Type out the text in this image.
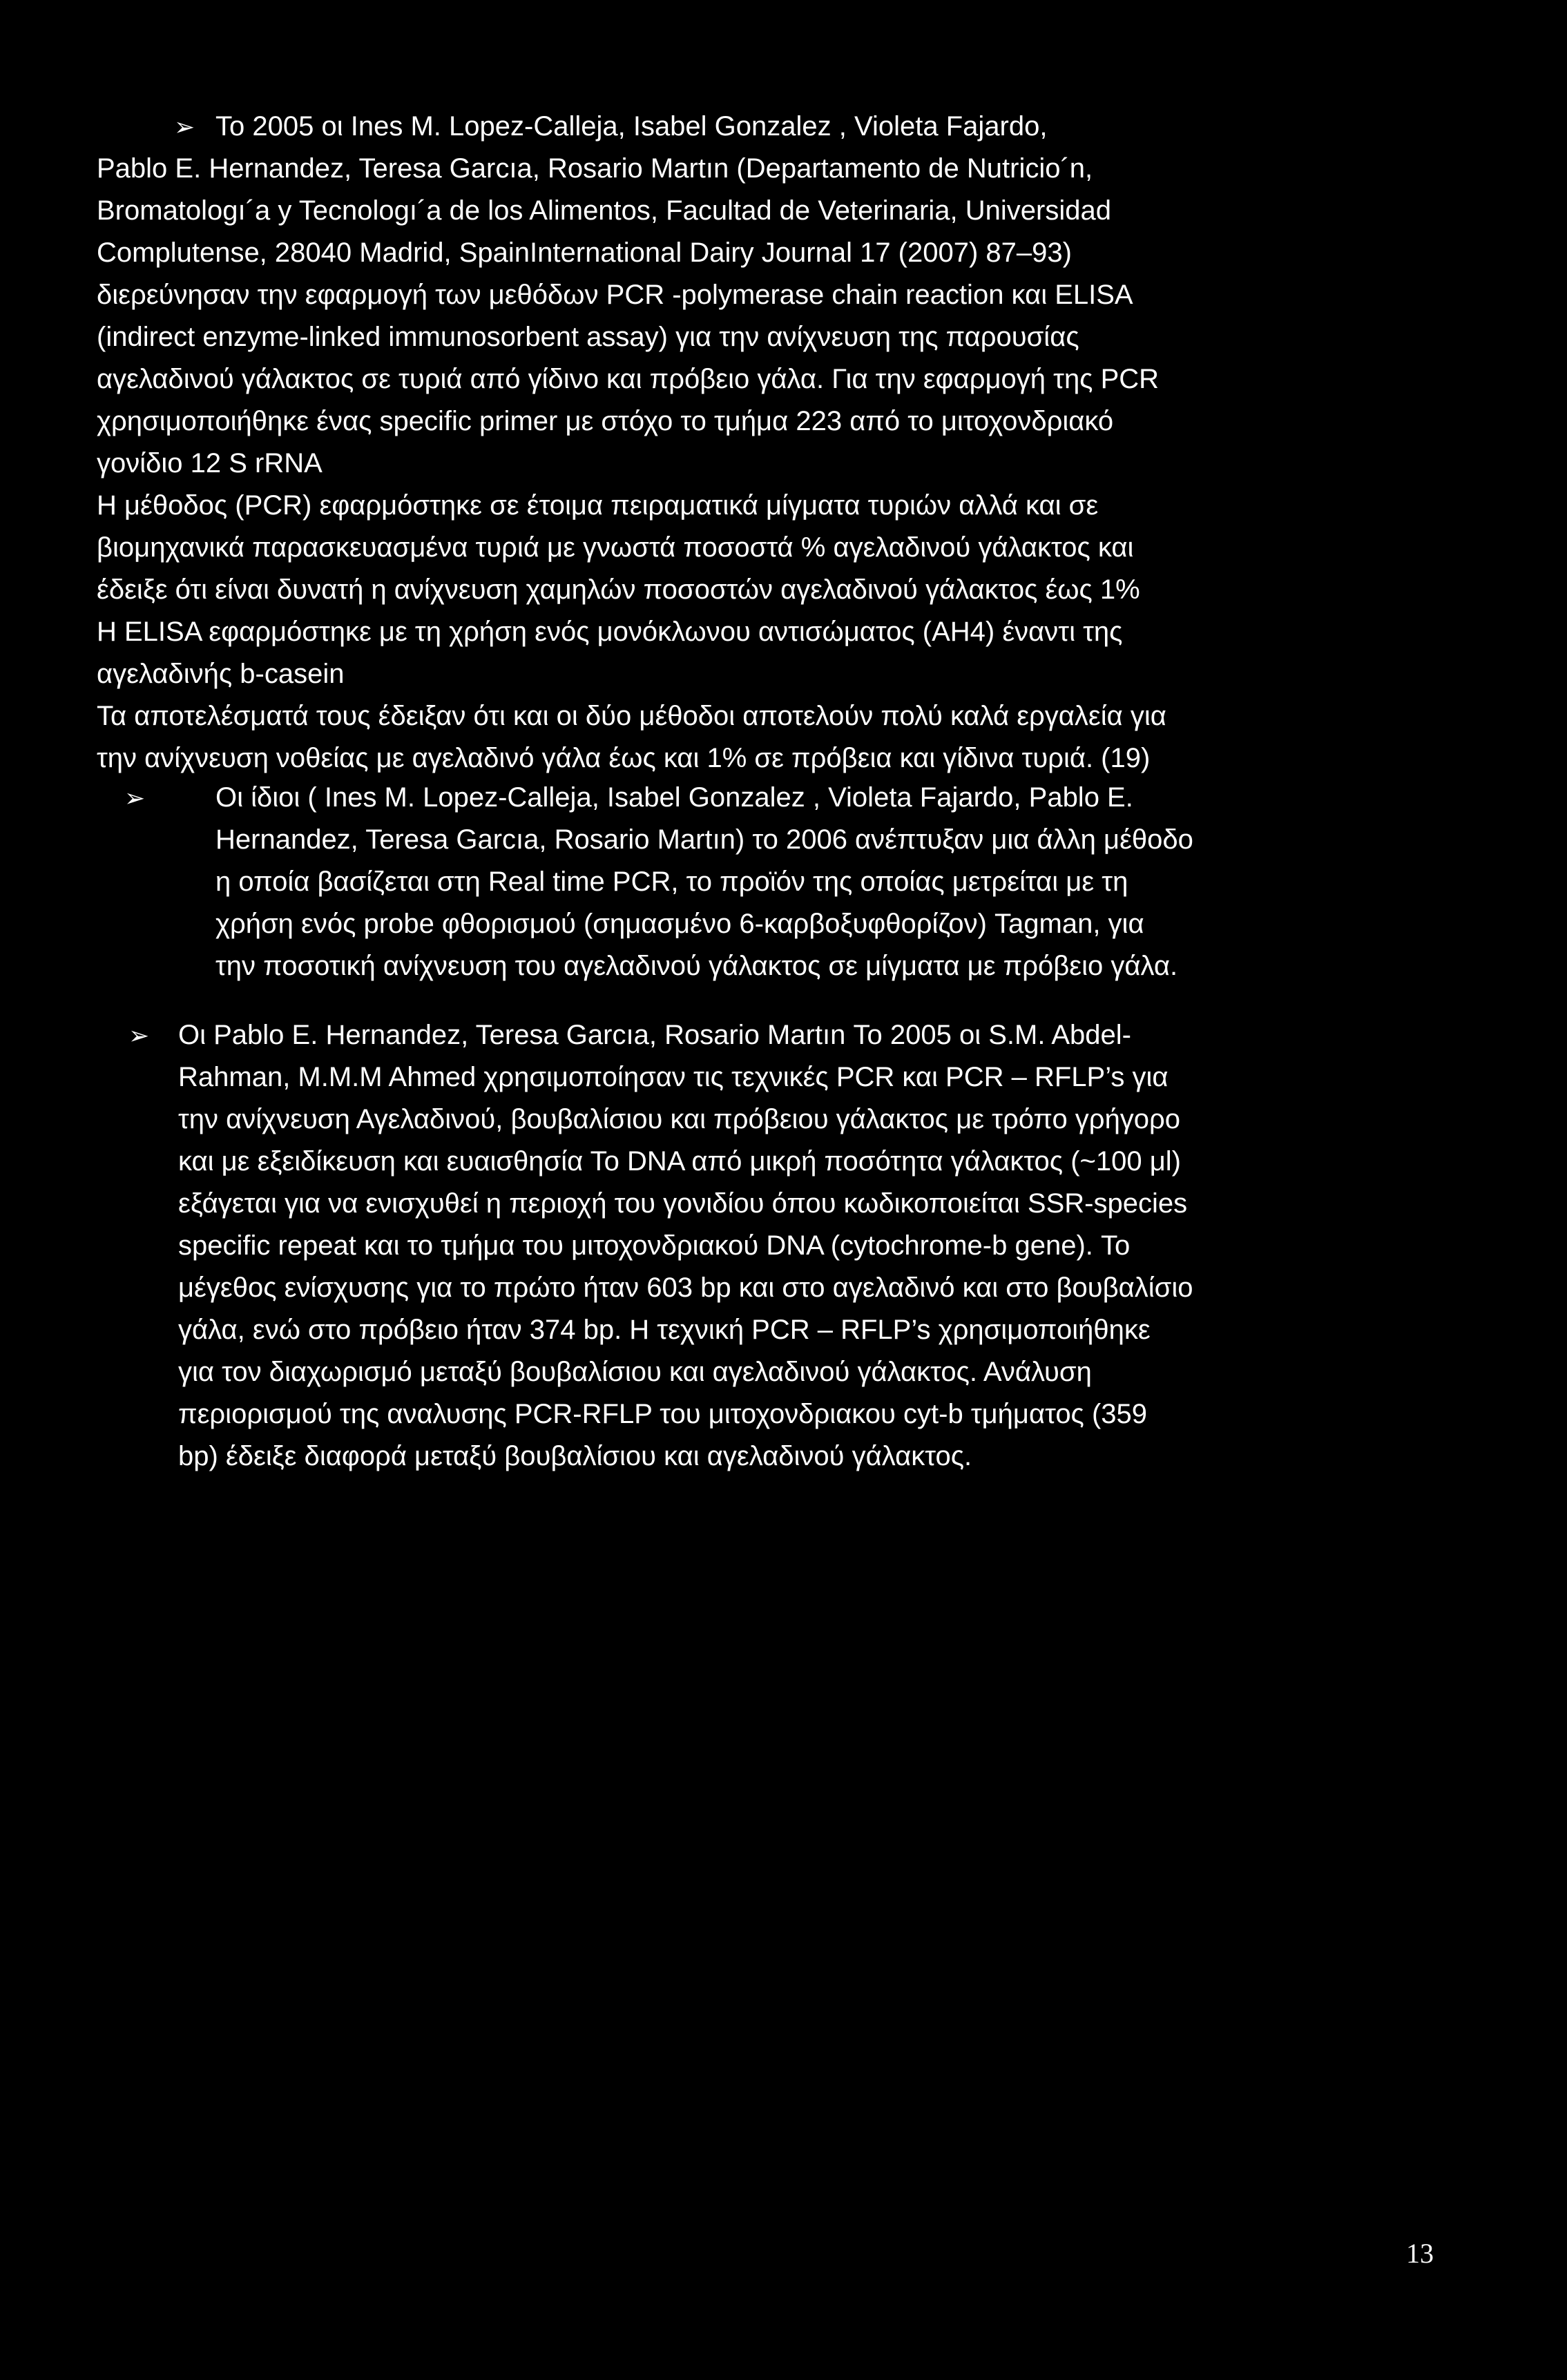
➢ Το 2005 οι Ines M. Lopez-Calleja, Isabel Gonzalez , Violeta Fajardo,
Pablo E. Hernandez, Teresa Garcıa, Rosario Martın (Departamento de Nutricio´n,
Bromatologı´a y Tecnologı´a de los Alimentos, Facultad de Veterinaria, Universidad
Complutense, 28040 Madrid, SpainInternational Dairy Journal 17 (2007) 87–93)
διερεύνησαν την εφαρμογή των μεθόδων PCR -polymerase chain reaction και ELISA
(indirect enzyme-linked immunosorbent assay) για την ανίχνευση της παρουσίας
αγελαδινού γάλακτος σε τυριά από γίδινο και πρόβειο γάλα. Για την εφαρμογή της PCR
χρησιμοποιήθηκε ένας specific primer με στόχο το τμήμα 223 από το μιτοχονδριακό
γονίδιο 12 S rRNA
Η μέθοδος (PCR) εφαρμόστηκε σε έτοιμα πειραματικά μίγματα τυριών αλλά και σε
βιομηχανικά παρασκευασμένα τυριά με γνωστά ποσοστά % αγελαδινού γάλακτος και
έδειξε ότι είναι δυνατή η ανίχνευση χαμηλών ποσοστών αγελαδινού γάλακτος έως 1%
Η ELISA εφαρμόστηκε με τη χρήση ενός μονόκλωνου αντισώματος (AH4) έναντι της
αγελαδινής b-casein
Τα αποτελέσματά τους έδειξαν ότι και οι δύο μέθοδοι αποτελούν πολύ καλά εργαλεία για
την ανίχνευση νοθείας με αγελαδινό γάλα έως και 1% σε πρόβεια και γίδινα τυριά. (19)
➢	Οι ίδιοι ( Ines M. Lopez-Calleja, Isabel Gonzalez , Violeta Fajardo, Pablo E.
Hernandez, Teresa Garcıa, Rosario Martın) το 2006 ανέπτυξαν μια άλλη μέθοδο
η οποία βασίζεται στη Real time PCR, το προϊόν της οποίας μετρείται με τη
χρήση ενός probe φθορισμού (σημασμένο 6-καρβοξυφθορίζον) Tagman, για
την ποσοτική ανίχνευση του αγελαδινού γάλακτος σε μίγματα με πρόβειο γάλα.
➢	Οι Pablo E. Hernandez, Teresa Garcıa, Rosario Martın Το 2005 οι S.M. Abdel-
Rahman, M.M.M Ahmed χρησιμοποίησαν τις τεχνικές PCR και PCR – RFLP’s για
την ανίχνευση Αγελαδινού, βουβαλίσιου και πρόβειου γάλακτος με τρόπο γρήγορο
και με εξειδίκευση και ευαισθησία Το DNA από μικρή ποσότητα γάλακτος (~100 μl)
εξάγεται για να ενισχυθεί η περιοχή του γονιδίου όπου κωδικοποιείται SSR-species
specific repeat και το τμήμα του μιτοχονδριακού DNA (cytochrome-b gene). Το
μέγεθος ενίσχυσης για το πρώτο ήταν 603 bp και στο αγελαδινό και στο βουβαλίσιο
γάλα, ενώ στο πρόβειο ήταν 374 bp. Η τεχνική PCR – RFLP’s χρησιμοποιήθηκε
για τον διαχωρισμό μεταξύ βουβαλίσιου και αγελαδινού γάλακτος. Ανάλυση
περιορισμού της αναλυσης PCR-RFLP του μιτοχονδριακου cyt-b τμήματος (359
bp) έδειξε διαφορά μεταξύ βουβαλίσιου και αγελαδινού γάλακτος.
13
